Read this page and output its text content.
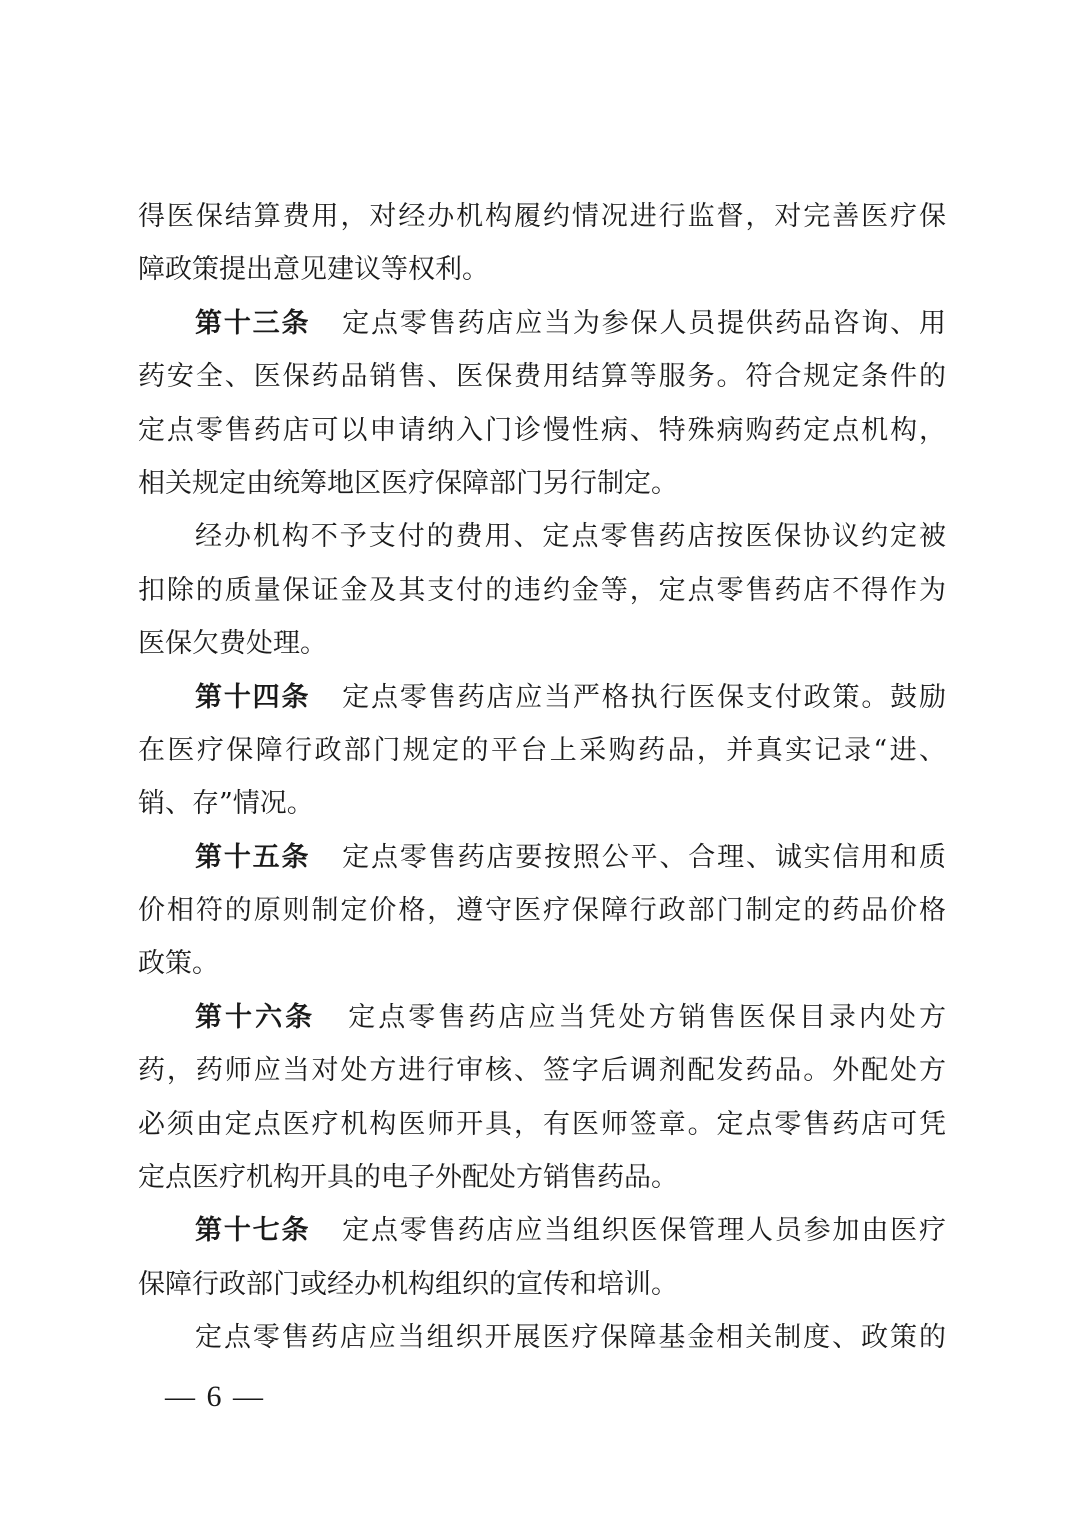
得医保结算费用，对经办机构履约情况进行监督，对完善医疗保
障政策提出意见建议等权利。
第十三条 定点零售药店应当为参保人员提供药品咨询、用
药安全、医保药品销售、医保费用结算等服务。符合规定条件的
定点零售药店可以申请纳入门诊慢性病、特殊病购药定点机构，
相关规定由统筹地区医疗保障部门另行制定。
经办机构不予支付的费用、定点零售药店按医保协议约定被
扣除的质量保证金及其支付的违约金等，定点零售药店不得作为
医保欠费处理。
第十四条 定点零售药店应当严格执行医保支付政策。鼓励
在医疗保障行政部门规定的平台上采购药品，并真实记录“进、
销、存”情况。
第十五条 定点零售药店要按照公平、合理、诚实信用和质
价相符的原则制定价格，遵守医疗保障行政部门制定的药品价格
政策。
第十六条 定点零售药店应当凭处方销售医保目录内处方
药，药师应当对处方进行审核、签字后调剂配发药品。外配处方
必须由定点医疗机构医师开具，有医师签章。定点零售药店可凭
定点医疗机构开具的电子外配处方销售药品。
第十七条 定点零售药店应当组织医保管理人员参加由医疗
保障行政部门或经办机构组织的宣传和培训。
定点零售药店应当组织开展医疗保障基金相关制度、政策的
— 6 —
